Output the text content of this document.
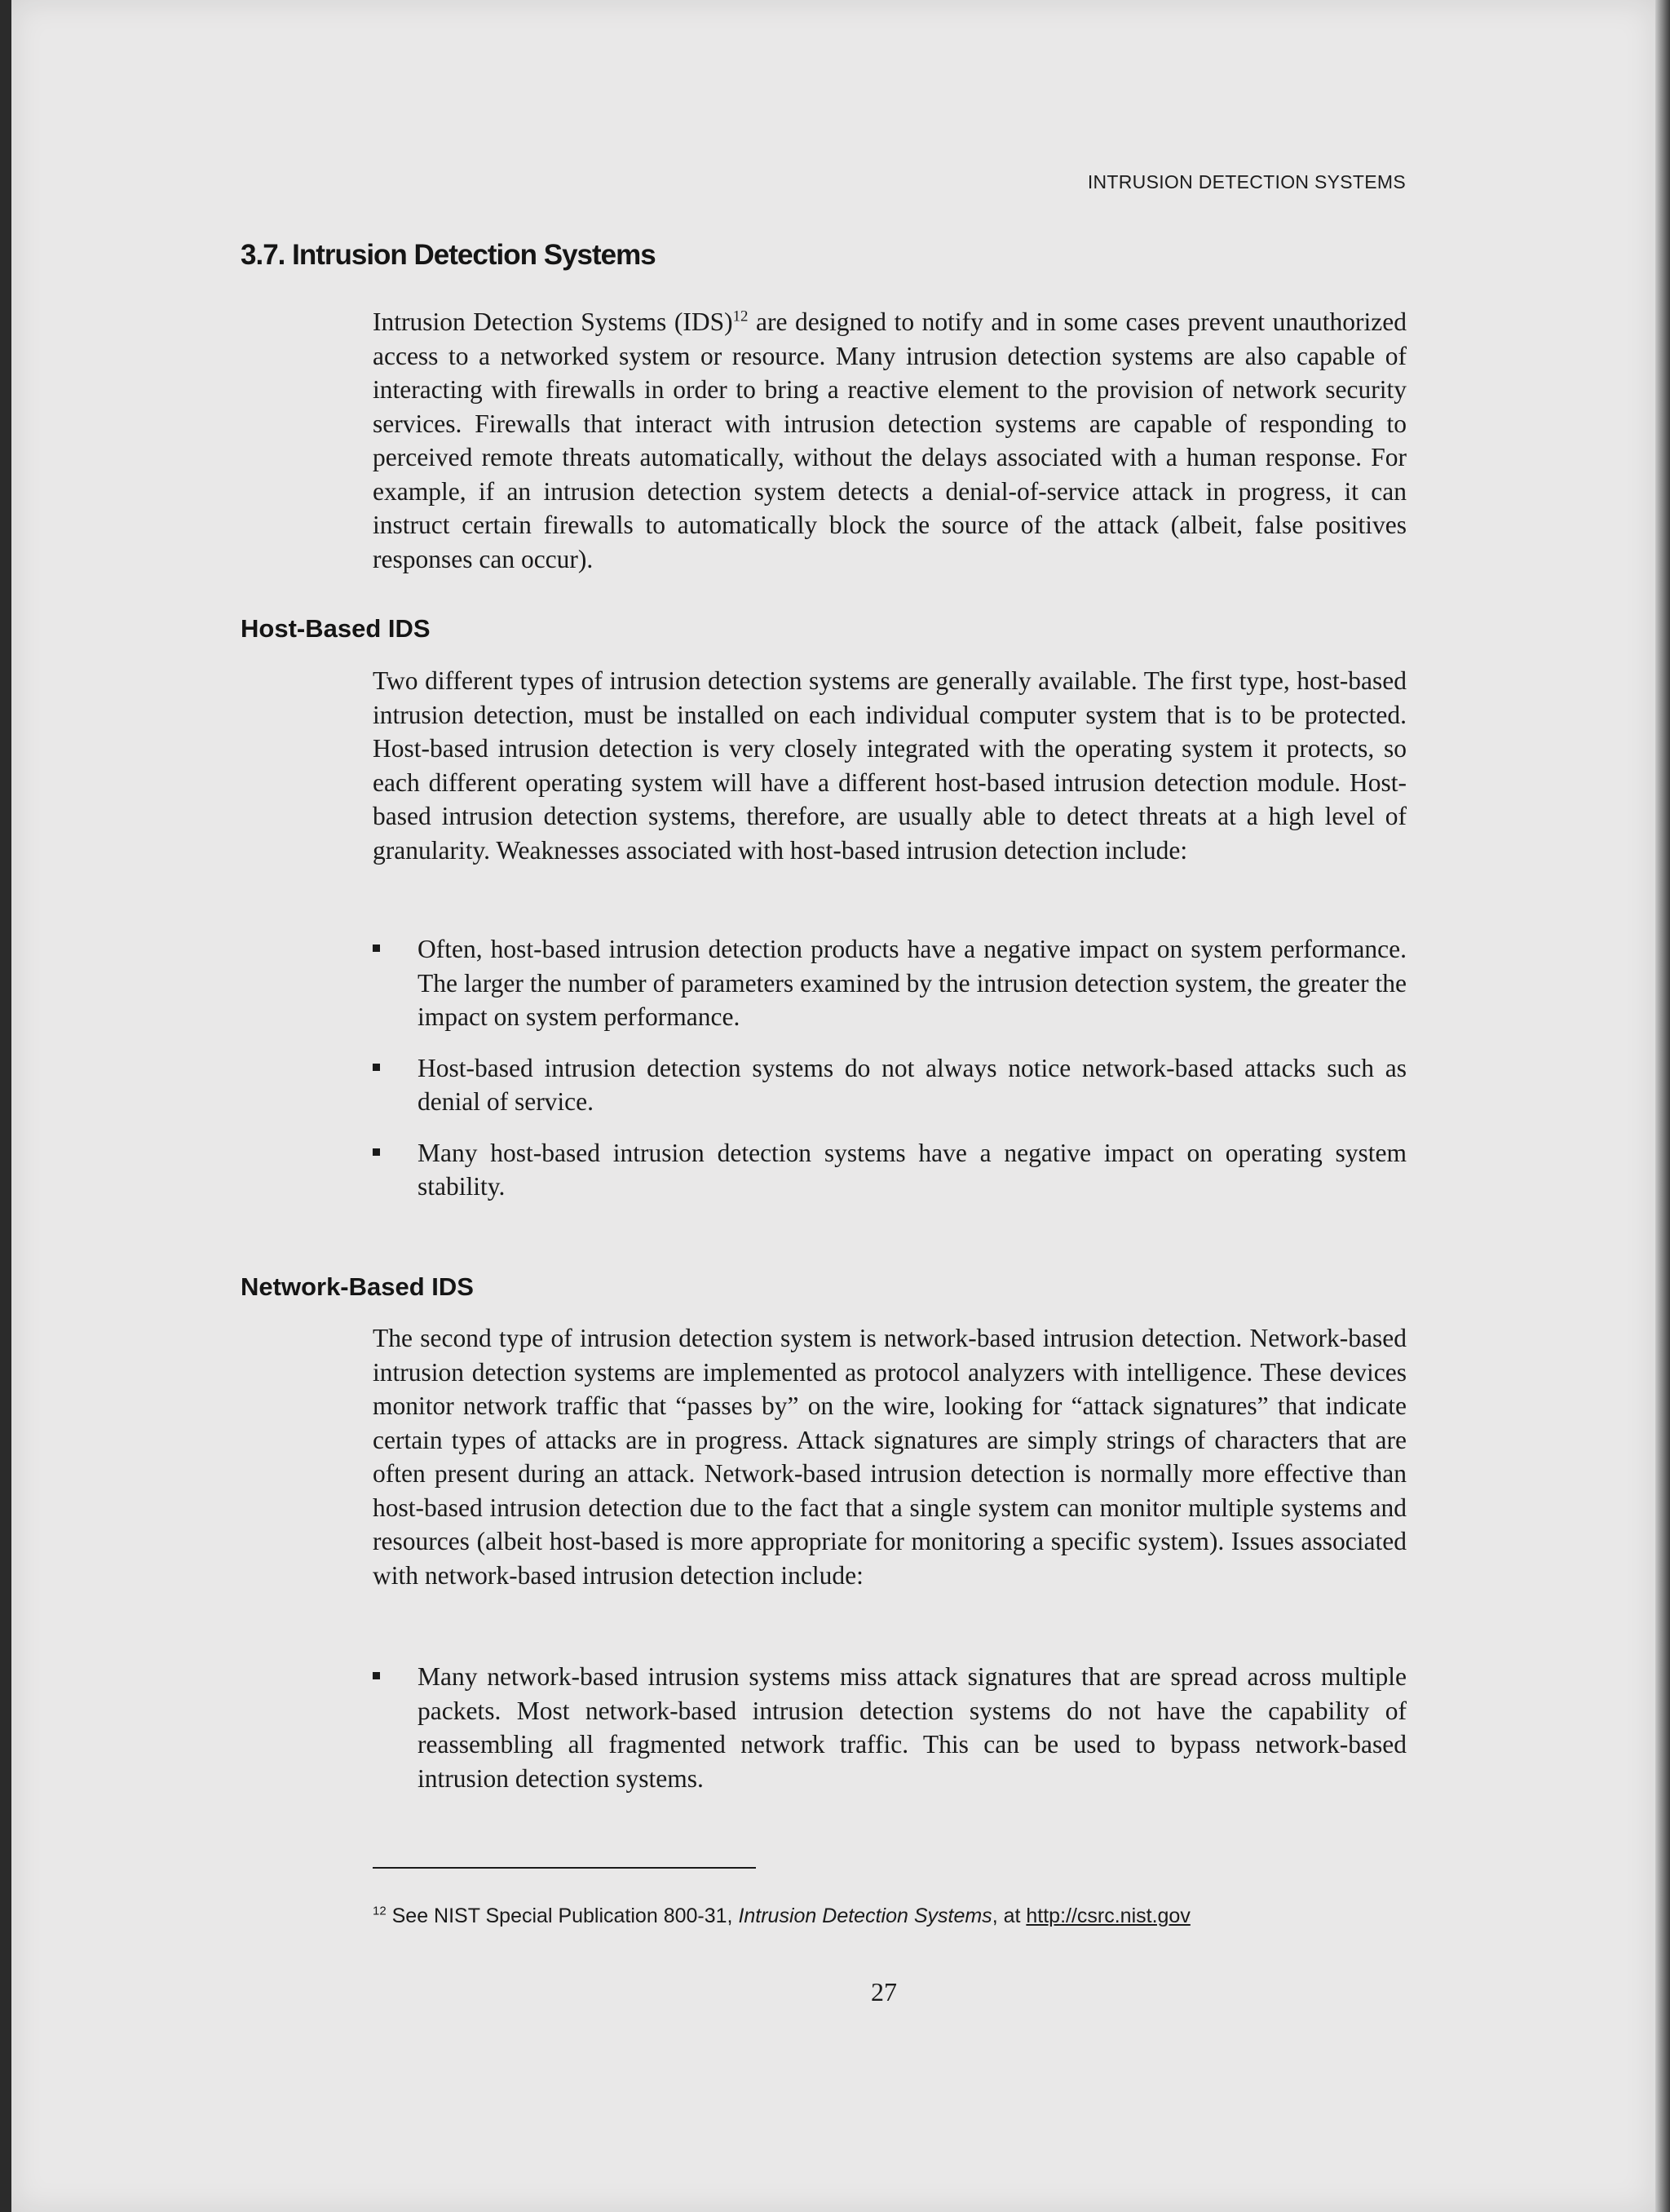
INTRUSION DETECTION SYSTEMS
3.7. Intrusion Detection Systems

Intrusion Detection Systems (IDS)$^{12}$ are designed to notify and in some cases prevent unauthorized access to a networked system or resource. Many intrusion detection systems are also capable of interacting with firewalls in order to bring a reactive element to the provision of network security services. Firewalls that interact with intrusion detection systems are capable of responding to perceived remote threats automatically, without the delays associated with a human response. For example, if an intrusion detection system detects a denial-of-service attack in progress, it can instruct certain firewalls to automatically block the source of the attack (albeit, false positives responses can occur).

Host-Based IDS

Two different types of intrusion detection systems are generally available. The first type, host-based intrusion detection, must be installed on each individual computer system that is to be protected. Host-based intrusion detection is very closely integrated with the operating system it protects, so each different operating system will have a different host-based intrusion detection module. Host-based intrusion detection systems, therefore, are usually able to detect threats at a high level of granularity. Weaknesses associated with host-based intrusion detection include:

Often, host-based intrusion detection products have a negative impact on system performance. The larger the number of parameters examined by the intrusion detection system, the greater the impact on system performance.
Host-based intrusion detection systems do not always notice network-based attacks such as denial of service.
Many host-based intrusion detection systems have a negative impact on operating system stability.
Network-Based IDS

The second type of intrusion detection system is network-based intrusion detection. Network-based intrusion detection systems are implemented as protocol analyzers with intelligence. These devices monitor network traffic that “passes by” on the wire, looking for “attack signatures” that indicate certain types of attacks are in progress. Attack signatures are simply strings of characters that are often present during an attack. Network-based intrusion detection is normally more effective than host-based intrusion detection due to the fact that a single system can monitor multiple systems and resources (albeit host-based is more appropriate for monitoring a specific system). Issues associated with network-based intrusion detection include:

Many network-based intrusion systems miss attack signatures that are spread across multiple packets. Most network-based intrusion detection systems do not have the capability of reassembling all fragmented network traffic. This can be used to bypass network-based intrusion detection systems.
$^{12}$ See NIST Special Publication 800-31, Intrusion Detection Systems, at http://csrc.nist.gov
27
